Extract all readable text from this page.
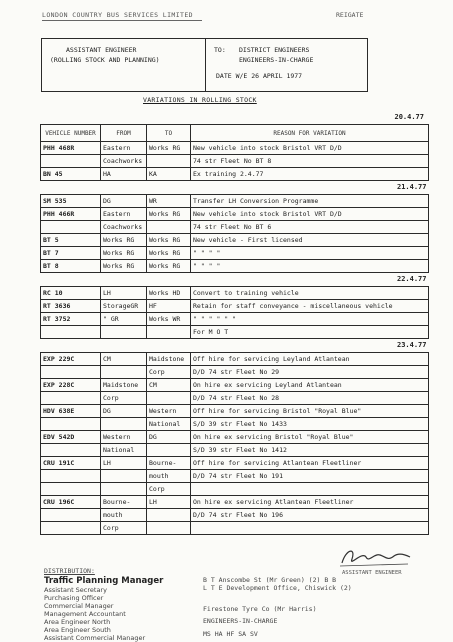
LONDON COUNTRY BUS SERVICES LIMITED	REIGATE
ASSISTANT ENGINEER
(ROLLING STOCK AND PLANNING)
TO: DISTRICT ENGINEERS
ENGINEERS-IN-CHARGE
DATE W/E 26 APRIL 1977
VARIATIONS IN ROLLING STOCK
20.4.77
VEHICLE NUMBER	FROM	TO	REASON FOR VARIATION
PHH 468R	Eastern	Works RG	New vehicle into stock Bristol VRT D/D
	Coachworks		74 str Fleet No BT 8
BN 45	HA	KA	Ex training 2.4.77

21.4.77			

SM 535	DG	WR	Transfer LH Conversion Programme
PHH 466R	Eastern	Works RG	New vehicle into stock Bristol VRT D/D
	Coachworks		74 str Fleet No BT 6
BT 5	Works RG	Works RG	New vehicle - First licensed
BT 7	Works RG	Works RG	" " " "
BT 8	Works RG	Works RG	" " " "

22.4.77			

RC 10	LH	Works HD	Convert to training vehicle
RT 3636	StorageGR	HF	Retain for staff conveyance - miscellaneous vehicle
RT 3752	" GR	Works WR	" " " " " "
			For M O T

23.4.77			

EXP 229C	CM	Maidstone	Off hire for servicing Leyland Atlantean
		Corp	D/D 74 str Fleet No 29
EXP 228C	Maidstone	CM	On hire ex servicing Leyland Atlantean
	Corp		D/D 74 str Fleet No 28
HDV 638E	DG	Western	Off hire for servicing Bristol "Royal Blue"
		National	S/D 39 str Fleet No 1433
EDV 542D	Western	DG	On hire ex servicing Bristol "Royal Blue"
	National		S/D 39 str Fleet No 1412
CRU 191C	LH	Bourne-	Off hire for servicing Atlantean Fleetliner
		mouth	D/D 74 str Fleet No 191
		Corp	
CRU 196C	Bourne-	LH	On hire ex servicing Atlantean Fleetliner
	mouth		D/D 74 str Fleet No 196
	Corp		
DISTRIBUTION:
Traffic Planning Manager
Assistant Secretary
Purchasing Officer
Commercial Manager
Management Accountant
Area Engineer North
Area Engineer South
Assistant Commercial Manager
B T Anscombe St (Mr Green) (2) B B
L T E Development Office, Chiswick (2)
Firestone Tyre Co (Mr Harris)
ENGINEERS-IN-CHARGE
MS HA HF SA SV
ASSISTANT ENGINEER
